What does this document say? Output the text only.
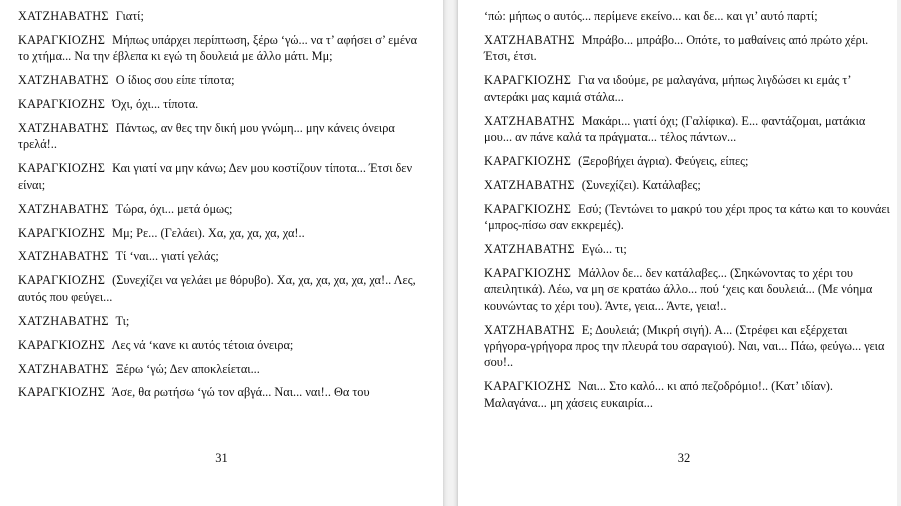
ΧΑΤΖΗΑΒΑΤΗΣ Γιατί;

ΚΑΡΑΓΚΙΟΖΗΣ Μήπως υπάρχει περίπτωση, ξέρω ‘γώ... να τ’ αφήσει σ’ εμένα το χτήμα... Να την έβλεπα κι εγώ τη δουλειά με άλλο μάτι. Μμ;

ΧΑΤΖΗΑΒΑΤΗΣ Ο ίδιος σου είπε τίποτα;

ΚΑΡΑΓΚΙΟΖΗΣ Όχι, όχι... τίποτα.

ΧΑΤΖΗΑΒΑΤΗΣ Πάντως, αν θες την δική μου γνώμη... μην κάνεις όνειρα τρελά!..

ΚΑΡΑΓΚΙΟΖΗΣ Και γιατί να μην κάνω; Δεν μου κοστίζουν τίποτα... Έτσι δεν είναι;

ΧΑΤΖΗΑΒΑΤΗΣ Τώρα, όχι... μετά όμως;

ΚΑΡΑΓΚΙΟΖΗΣ Μμ; Ρε... (Γελάει). Χα, χα, χα, χα, χα!..

ΧΑΤΖΗΑΒΑΤΗΣ Τί ‘ναι... γιατί γελάς;

ΚΑΡΑΓΚΙΟΖΗΣ (Συνεχίζει να γελάει με θόρυβο). Χα, χα, χα, χα, χα, χα!.. Λες, αυτός που φεύγει...

ΧΑΤΖΗΑΒΑΤΗΣ Τι;

ΚΑΡΑΓΚΙΟΖΗΣ Λες νά ‘κανε κι αυτός τέτοια όνειρα;

ΧΑΤΖΗΑΒΑΤΗΣ Ξέρω ‘γώ; Δεν αποκλείεται...

ΚΑΡΑΓΚΙΟΖΗΣ Άσε, θα ρωτήσω ‘γώ τον αβγά... Ναι... ναι!.. Θα του

31

‘πώ: μήπως ο αυτός... περίμενε εκείνο... και δε... και γι’ αυτό παρτί;

ΧΑΤΖΗΑΒΑΤΗΣ Μπράβο... μπράβο... Οπότε, το μαθαίνεις από πρώτο χέρι. Έτσι, έτσι.

ΚΑΡΑΓΚΙΟΖΗΣ Για να ιδούμε, ρε μαλαγάνα, μήπως λιγδώσει κι εμάς τ’ αντεράκι μας καμιά στάλα...

ΧΑΤΖΗΑΒΑΤΗΣ Μακάρι... γιατί όχι; (Γαλίφικα). Ε... φαντάζομαι, ματάκια μου... αν πάνε καλά τα πράγματα... τέλος πάντων...

ΚΑΡΑΓΚΙΟΖΗΣ (Ξεροβήχει άγρια). Φεύγεις, είπες;

ΧΑΤΖΗΑΒΑΤΗΣ (Συνεχίζει). Κατάλαβες;

ΚΑΡΑΓΚΙΟΖΗΣ Εσύ; (Τεντώνει το μακρύ του χέρι προς τα κάτω και το κουνάει ‘μπρος-πίσω σαν εκκρεμές).

ΧΑΤΖΗΑΒΑΤΗΣ Εγώ... τι;

ΚΑΡΑΓΚΙΟΖΗΣ Μάλλον δε... δεν κατάλαβες... (Σηκώνοντας το χέρι του απειλητικά). Λέω, να μη σε κρατάω άλλο... πού ‘χεις και δουλειά... (Με νόημα κουνώντας το χέρι του). Άντε, γεια... Άντε, γεια!..

ΧΑΤΖΗΑΒΑΤΗΣ Ε; Δουλειά; (Μικρή σιγή). Α... (Στρέφει και εξέρχεται γρήγορα-γρήγορα προς την πλευρά του σαραγιού). Ναι, ναι... Πάω, φεύγω... γεια σου!..

ΚΑΡΑΓΚΙΟΖΗΣ Ναι... Στο καλό... κι από πεζοδρόμιο!.. (Κατ’ ιδίαν). Μαλαγάνα... μη χάσεις ευκαιρία...

32
